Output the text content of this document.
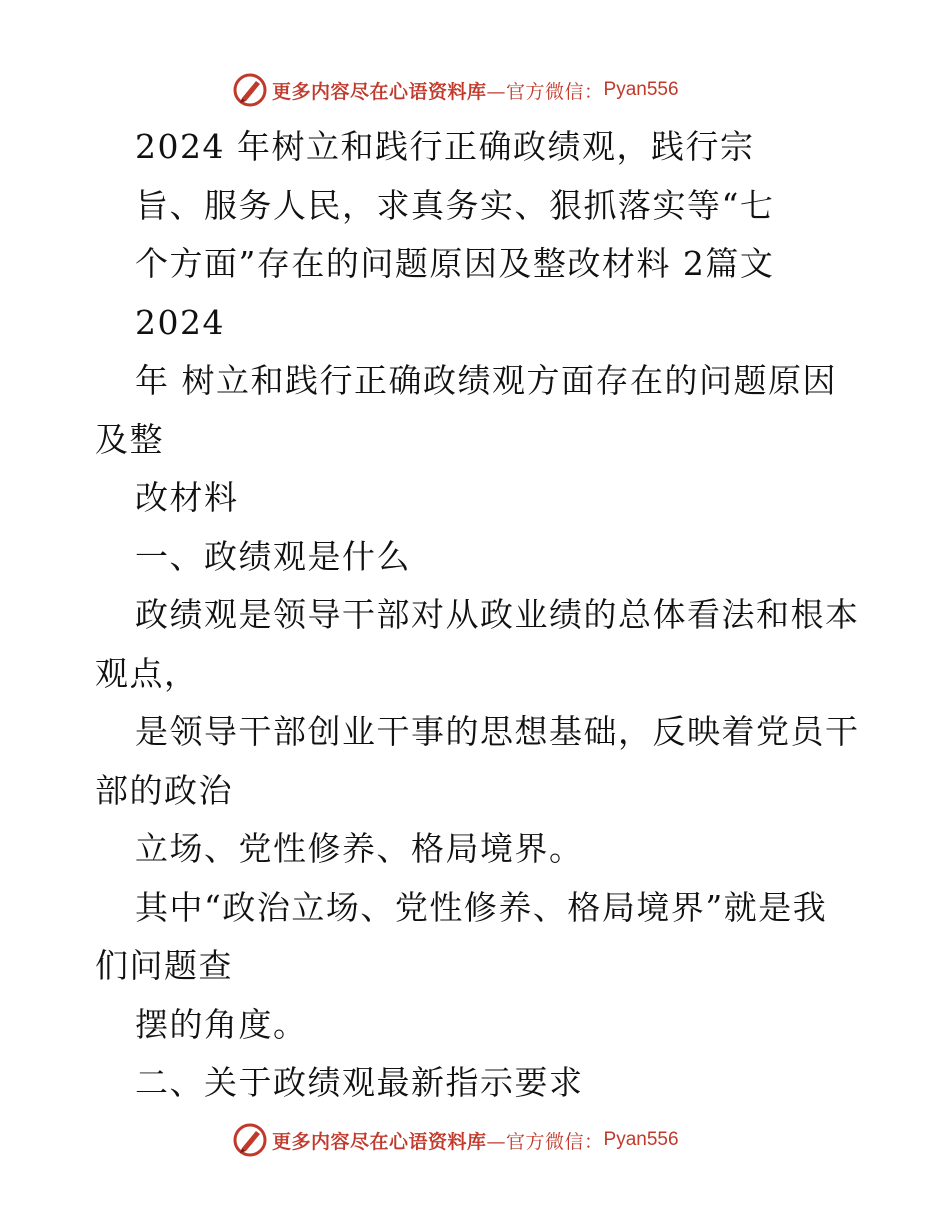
更多内容尽在心语资料库 —官方微信： Pyan556
2024 年树立和践行正确政绩观，践行宗
旨、服务人民，求真务实、狠抓落实等“七
个方面”存在的问题原因及整改材料 2篇文
2024
年 树立和践行正确政绩观方面存在的问题原因
及整
改材料
一、政绩观是什么
政绩观是领导干部对从政业绩的总体看法和根本
观点，
是领导干部创业干事的思想基础，反映着党员干
部的政治
立场、党性修养、格局境界。
其中“政治立场、党性修养、格局境界”就是我
们问题查
摆的角度。
二、关于政绩观最新指示要求
更多内容尽在心语资料库 —官方微信： Pyan556
